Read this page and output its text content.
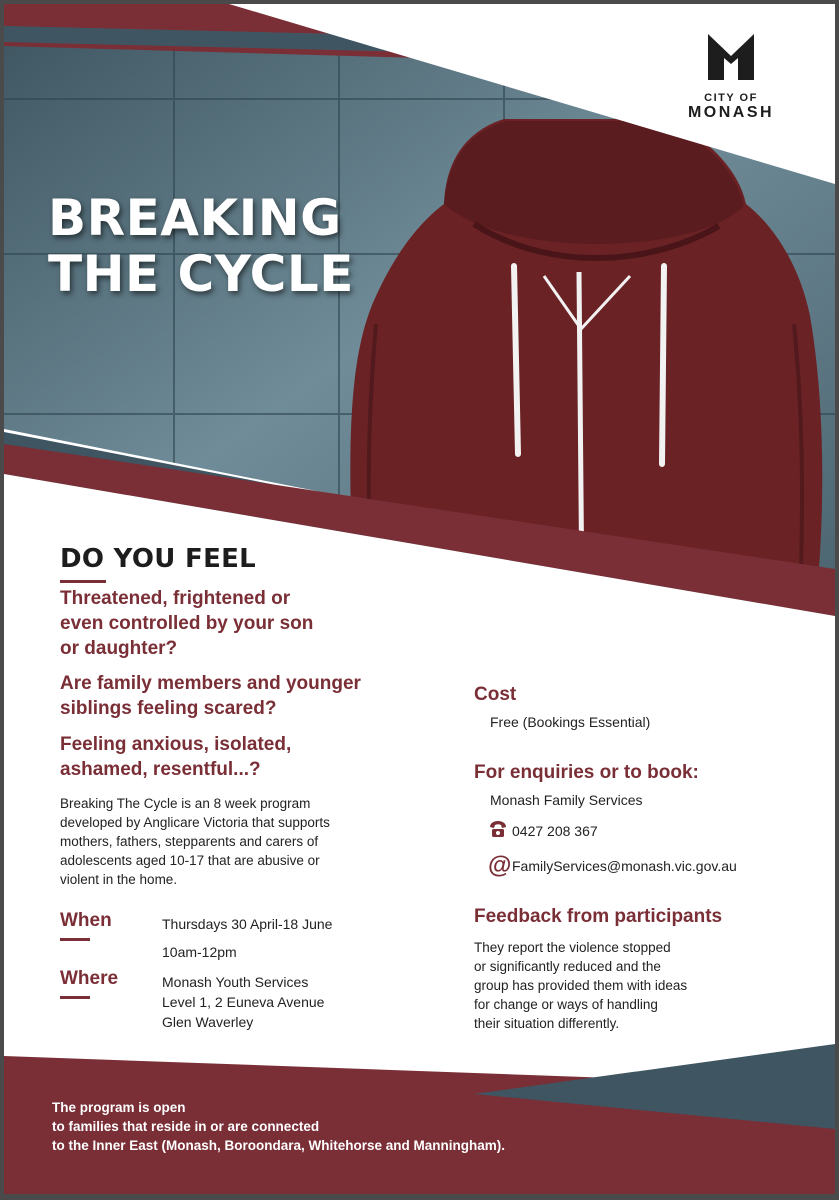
BREAKING
THE CYCLE
CITY OF
MONASH
DO YOU FEEL

Threatened, frightened or
even controlled by your son
or daughter?

Are family members and younger
siblings feeling scared?

Feeling anxious, isolated,
ashamed, resentful...?

Breaking The Cycle is an 8 week program
developed by Anglicare Victoria that supports
mothers, fathers, stepparents and carers of
adolescents aged 10-17 that are abusive or
violent in the home.

When	Thursdays 30 April-18 June
10am-12pm
Where	Monash Youth Services
Level 1, 2 Euneva Avenue
Glen Waverley
Cost
Free (Bookings Essential)
For enquiries or to book:
Monash Family Services
0427 208 367
@ FamilyServices@monash.vic.gov.au
Feedback from participants

They report the violence stopped
or significantly reduced and the
group has provided them with ideas
for change or ways of handling
their situation differently.

The program is open
to families that reside in or are connected
to the Inner East (Monash, Boroondara, Whitehorse and Manningham).
